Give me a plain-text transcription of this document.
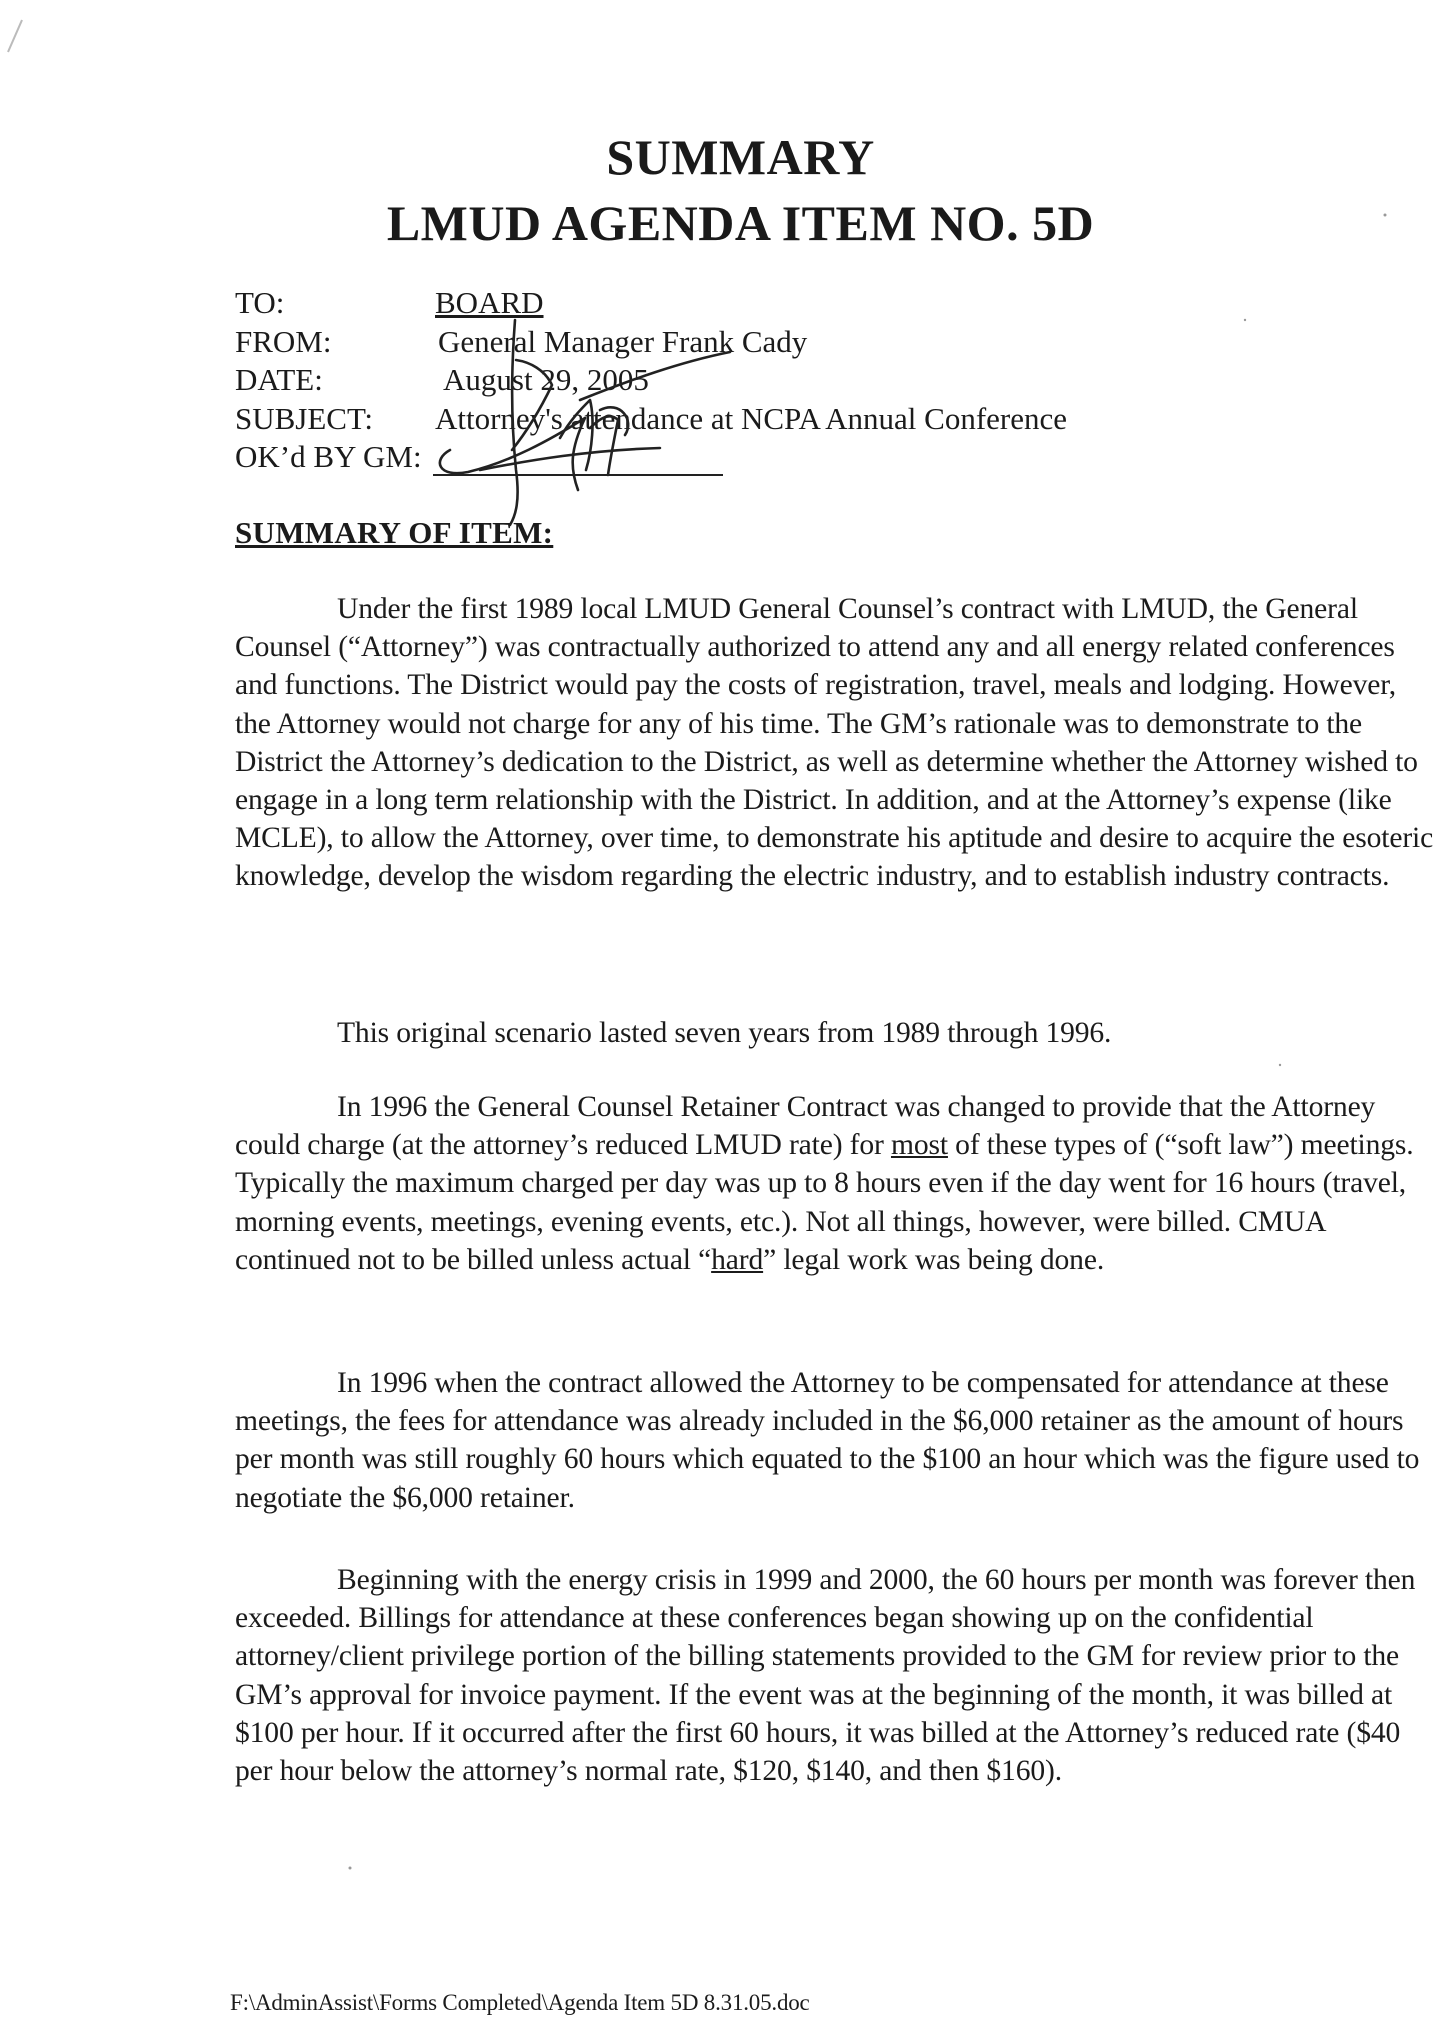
SUMMARY
LMUD AGENDA ITEM NO. 5D
TO:	BOARD
FROM:	General Manager Frank Cady
DATE:	August 29, 2005
SUBJECT: Attorney's attendance at NCPA Annual Conference
OK’d BY GM:
SUMMARY OF ITEM:

Under the first 1989 local LMUD General Counsel’s contract with LMUD, the General Counsel (“Attorney”) was contractually authorized to attend any and all energy related conferences and functions. The District would pay the costs of registration, travel, meals and lodging. However, the Attorney would not charge for any of his time. The GM’s rationale was to demonstrate to the District the Attorney’s dedication to the District, as well as determine whether the Attorney wished to engage in a long term relationship with the District. In addition, and at the Attorney’s expense (like MCLE), to allow the Attorney, over time, to demonstrate his aptitude and desire to acquire the esoteric knowledge, develop the wisdom regarding the electric industry, and to establish industry contracts.

This original scenario lasted seven years from 1989 through 1996.

In 1996 the General Counsel Retainer Contract was changed to provide that the Attorney could charge (at the attorney’s reduced LMUD rate) for most of these types of (“soft law”) meetings. Typically the maximum charged per day was up to 8 hours even if the day went for 16 hours (travel, morning events, meetings, evening events, etc.). Not all things, however, were billed. CMUA continued not to be billed unless actual “hard” legal work was being done.

In 1996 when the contract allowed the Attorney to be compensated for attendance at these meetings, the fees for attendance was already included in the $6,000 retainer as the amount of hours per month was still roughly 60 hours which equated to the $100 an hour which was the figure used to negotiate the $6,000 retainer.

Beginning with the energy crisis in 1999 and 2000, the 60 hours per month was forever then exceeded. Billings for attendance at these conferences began showing up on the confidential attorney/client privilege portion of the billing statements provided to the GM for review prior to the GM’s approval for invoice payment. If the event was at the beginning of the month, it was billed at $100 per hour. If it occurred after the first 60 hours, it was billed at the Attorney’s reduced rate ($40 per hour below the attorney’s normal rate, $120, $140, and then $160).

F:\AdminAssist\Forms Completed\Agenda Item 5D 8.31.05.doc
